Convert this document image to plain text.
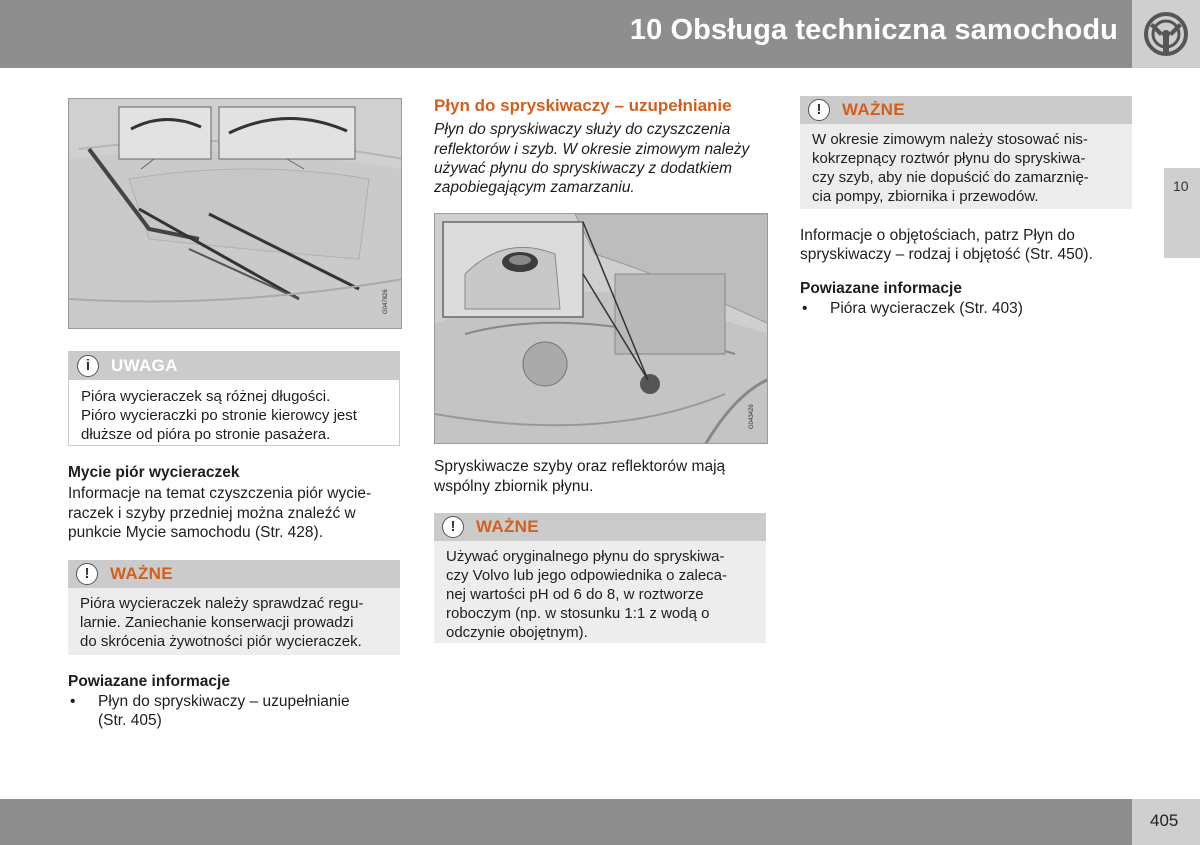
10 Obsługa techniczna samochodu
10
G047826
i	UWAGA
Pióra wycieraczek są różnej długości.
Pióro wycieraczki po stronie kierowcy jest
dłuższe od pióra po stronie pasażera.
Mycie piór wycieraczek
Informacje na temat czyszczenia piór wycie-
raczek i szyby przedniej można znaleźć w
punkcie Mycie samochodu (Str. 428).
!	WAŻNE
Pióra wycieraczek należy sprawdzać regu-
larnie. Zaniechanie konserwacji prowadzi
do skrócenia żywotności piór wycieraczek.
Powiazane informacje
• Płyn do spryskiwaczy – uzupełnianie
(Str. 405)
Płyn do spryskiwaczy – uzupełnianie
Płyn do spryskiwaczy służy do czyszczenia
reflektorów i szyb. W okresie zimowym należy
używać płynu do spryskiwaczy z dodatkiem
zapobiegającym zamarzaniu.
G043426
Spryskiwacze szyby oraz reflektorów mają
wspólny zbiornik płynu.
!	WAŻNE
Używać oryginalnego płynu do spryskiwa-
czy Volvo lub jego odpowiednika o zaleca-
nej wartości pH od 6 do 8, w roztworze
roboczym (np. w stosunku 1:1 z wodą o
odczynie obojętnym).
!	WAŻNE
W okresie zimowym należy stosować nis-
kokrzepnący roztwór płynu do spryskiwa-
czy szyb, aby nie dopuścić do zamarznię-
cia pompy, zbiornika i przewodów.
Informacje o objętościach, patrz Płyn do
spryskiwaczy – rodzaj i objętość (Str. 450).
Powiazane informacje
• Pióra wycieraczek (Str. 403)
405
